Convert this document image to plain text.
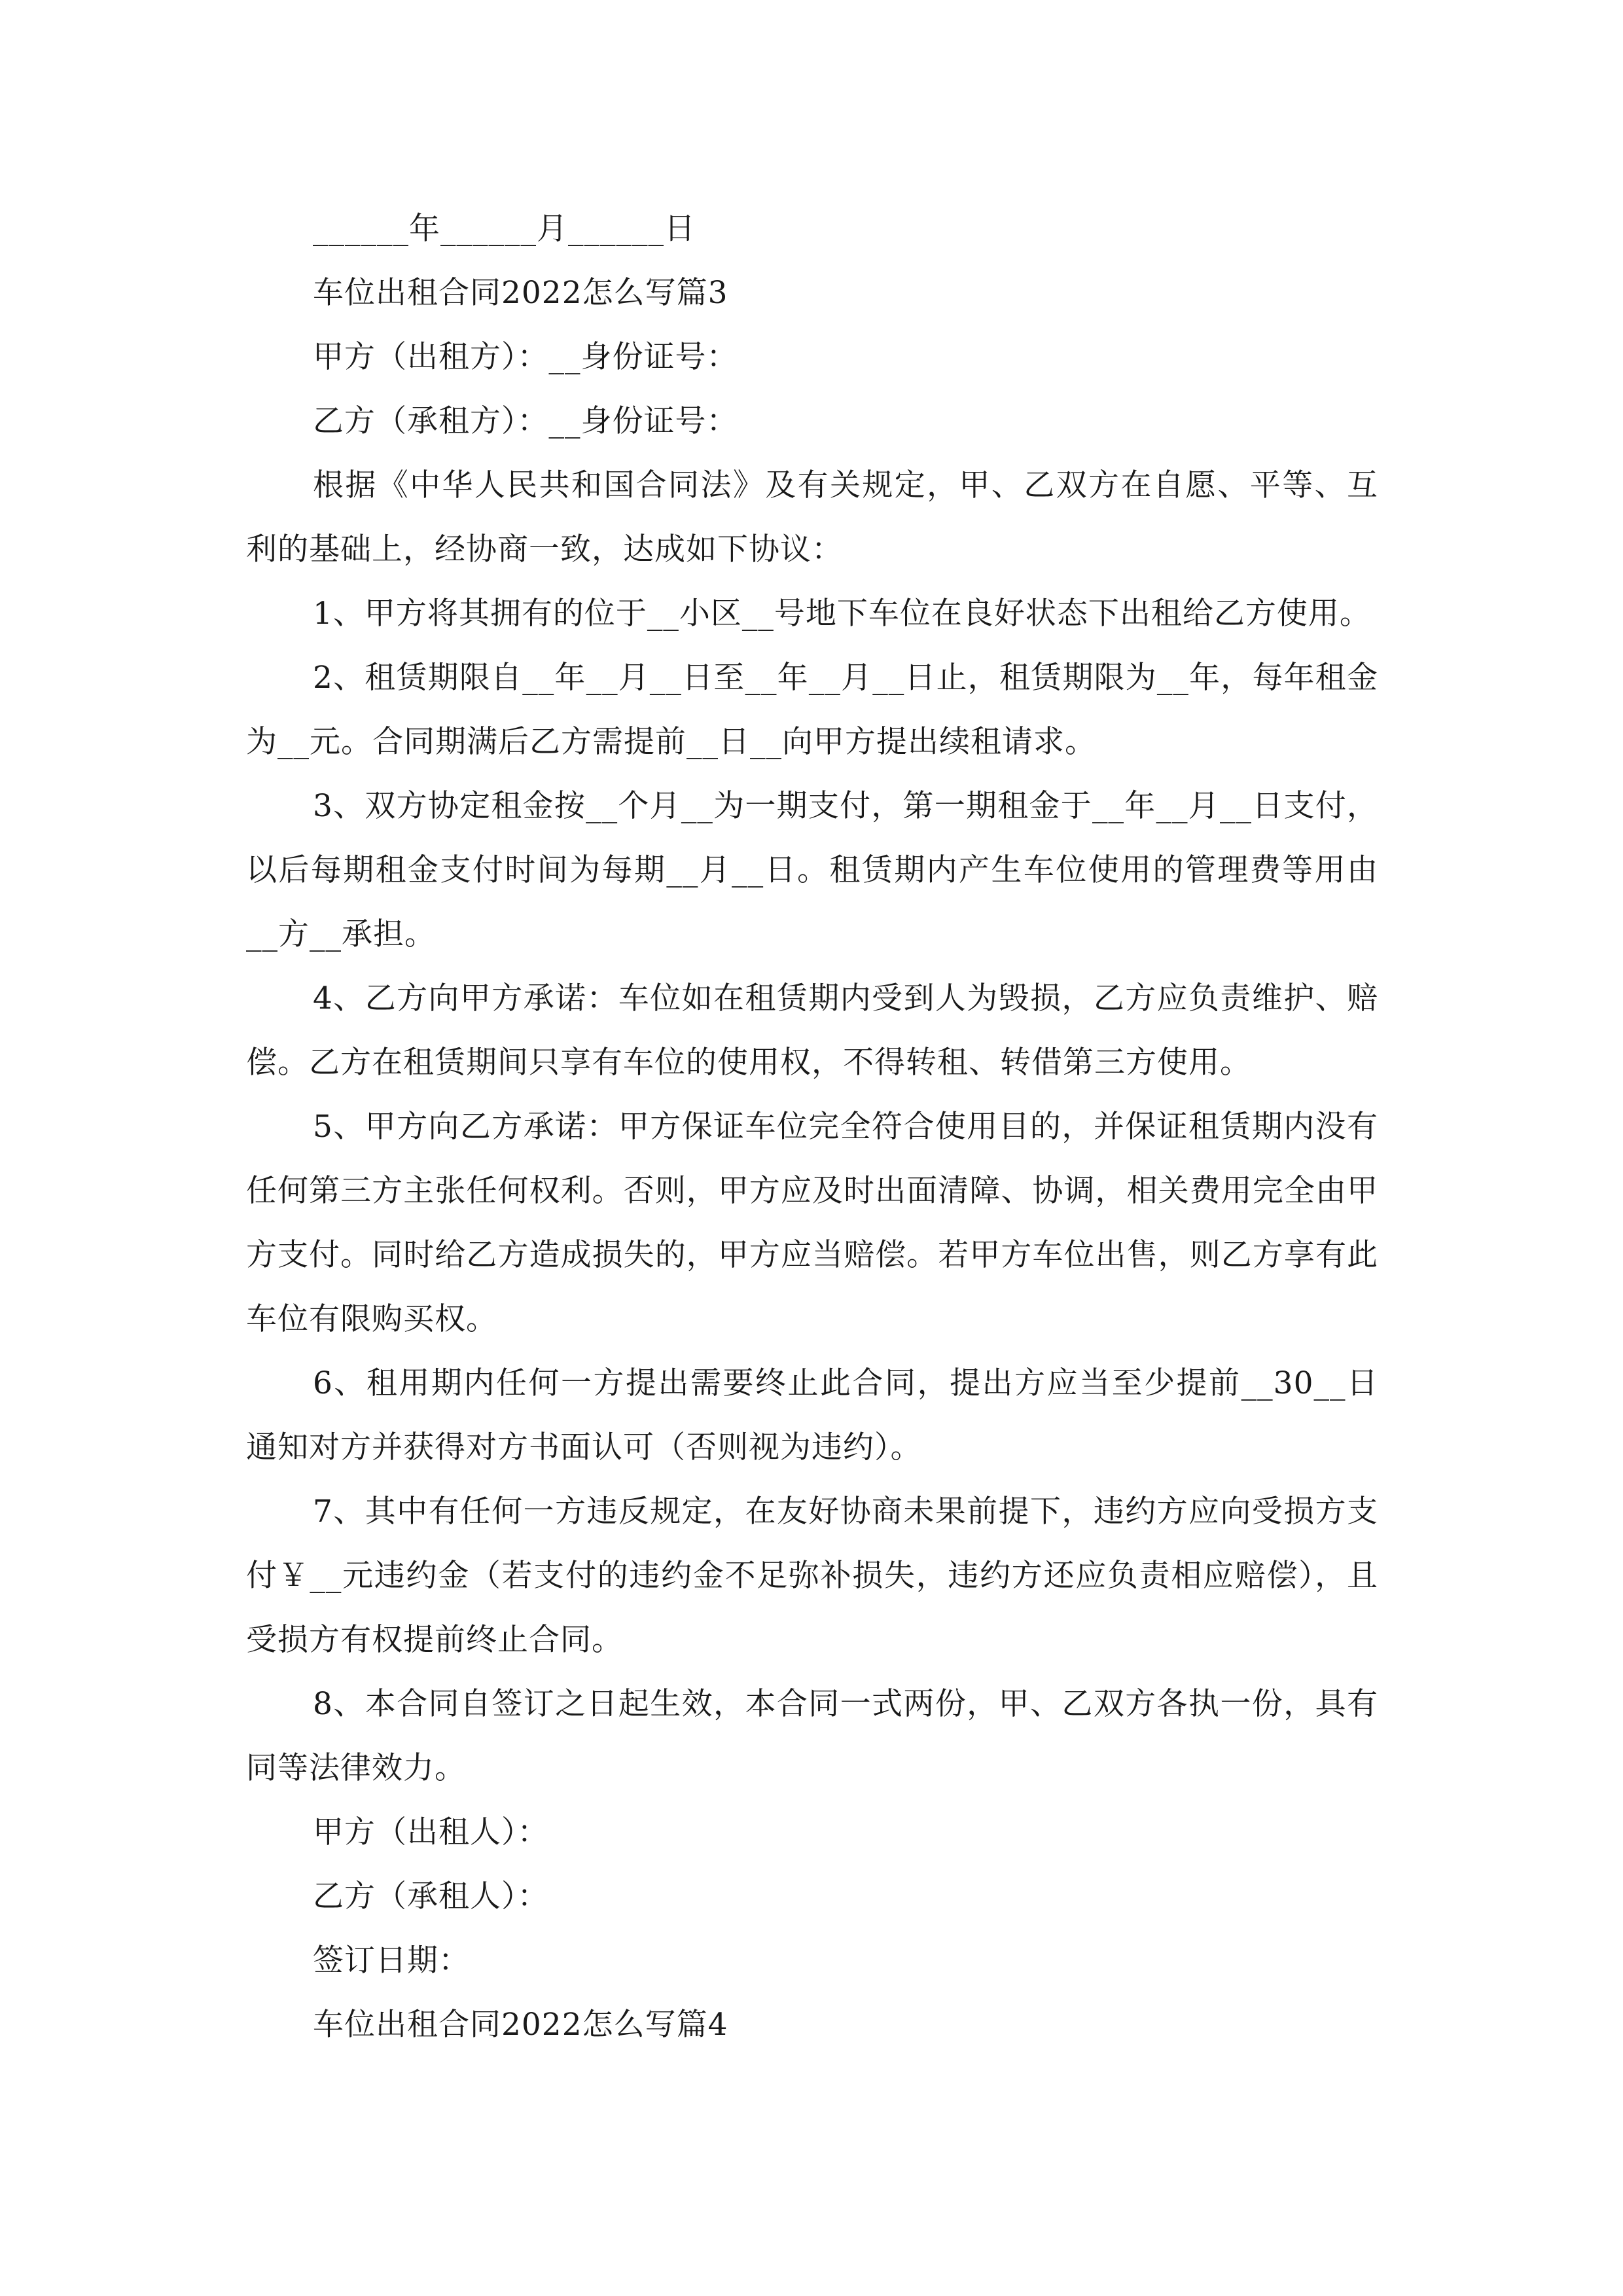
______年______月______日

车位出租合同2022怎么写篇3

甲方（出租方）：__身份证号：

乙方（承租方）：__身份证号：

根据《中华人民共和国合同法》及有关规定，甲、乙双方在自愿、平等、互利的基础上，经协商一致，达成如下协议：

1、甲方将其拥有的位于__小区__号地下车位在良好状态下出租给乙方使用。

2、租赁期限自__年__月__日至__年__月__日止，租赁期限为__年，每年租金为__元。合同期满后乙方需提前__日__向甲方提出续租请求。

3、双方协定租金按__个月__为一期支付，第一期租金于__年__月__日支付，以后每期租金支付时间为每期__月__日。租赁期内产生车位使用的管理费等用由__方__承担。

4、乙方向甲方承诺：车位如在租赁期内受到人为毁损，乙方应负责维护、赔偿。乙方在租赁期间只享有车位的使用权，不得转租、转借第三方使用。

5、甲方向乙方承诺：甲方保证车位完全符合使用目的，并保证租赁期内没有任何第三方主张任何权利。否则，甲方应及时出面清障、协调，相关费用完全由甲方支付。同时给乙方造成损失的，甲方应当赔偿。若甲方车位出售，则乙方享有此车位有限购买权。

6、租用期内任何一方提出需要终止此合同，提出方应当至少提前__30__日通知对方并获得对方书面认可（否则视为违约）。

7、其中有任何一方违反规定，在友好协商未果前提下，违约方应向受损方支付￥__元违约金（若支付的违约金不足弥补损失，违约方还应负责相应赔偿），且受损方有权提前终止合同。

8、本合同自签订之日起生效，本合同一式两份，甲、乙双方各执一份，具有同等法律效力。

甲方（出租人）：

乙方（承租人）：

签订日期：

车位出租合同2022怎么写篇4
